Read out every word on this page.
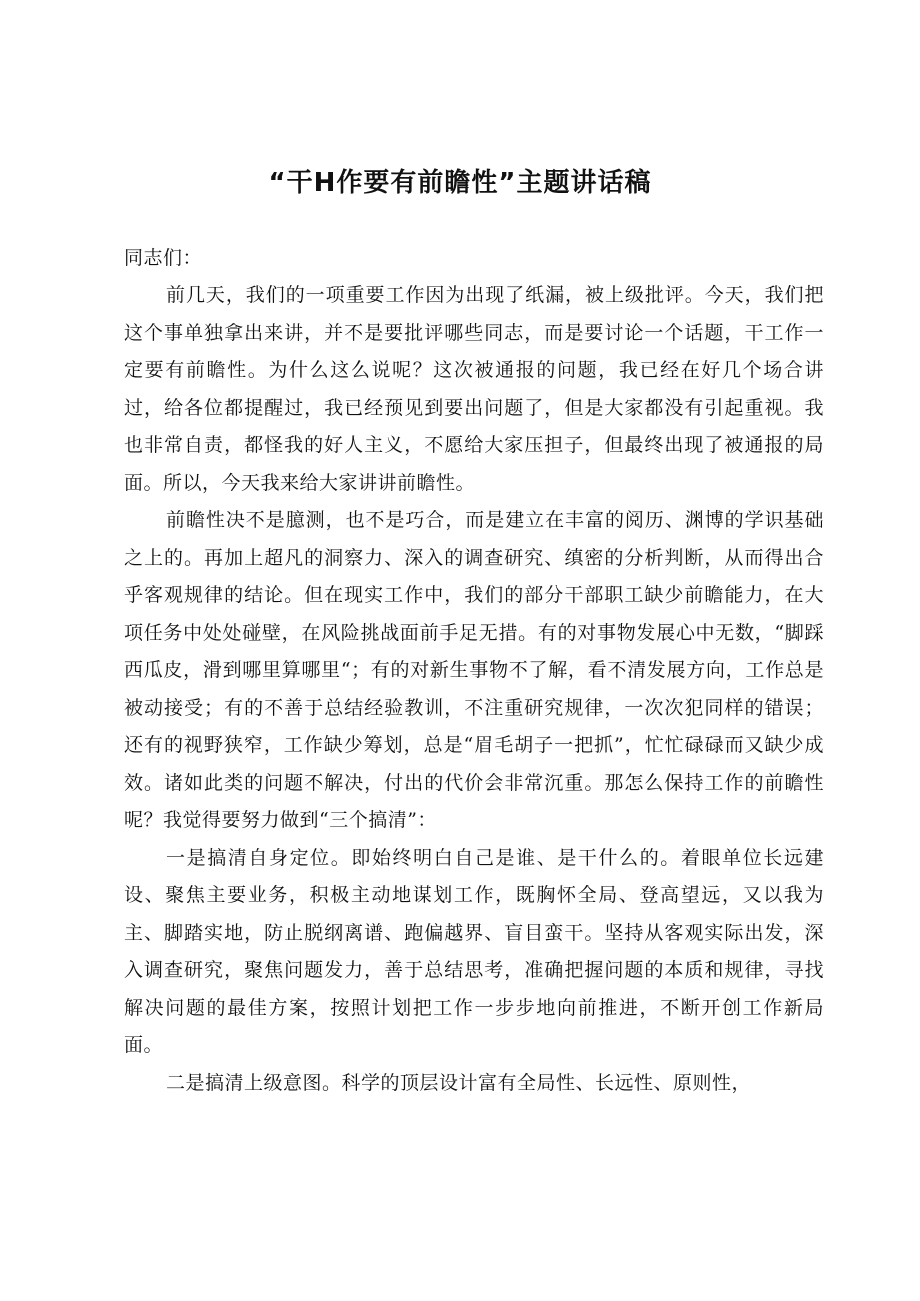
“干H作要有前瞻性”主题讲话稿

同志们：

前几天，我们的一项重要工作因为出现了纸漏，被上级批评。今天，我们把这个事单独拿出来讲，并不是要批评哪些同志，而是要讨论一个话题，干工作一定要有前瞻性。为什么这么说呢？这次被通报的问题，我已经在好几个场合讲过，给各位都提醒过，我已经预见到要出问题了，但是大家都没有引起重视。我也非常自责，都怪我的好人主义，不愿给大家压担子，但最终出现了被通报的局面。所以，今天我来给大家讲讲前瞻性。

前瞻性决不是臆测，也不是巧合，而是建立在丰富的阅历、渊博的学识基础之上的。再加上超凡的洞察力、深入的调查研究、缜密的分析判断，从而得出合乎客观规律的结论。但在现实工作中，我们的部分干部职工缺少前瞻能力，在大项任务中处处碰壁，在风险挑战面前手足无措。有的对事物发展心中无数，“脚踩西瓜皮，滑到哪里算哪里“；有的对新生事物不了解，看不清发展方向，工作总是被动接受；有的不善于总结经验教训，不注重研究规律，一次次犯同样的错误；还有的视野狭窄，工作缺少筹划，总是“眉毛胡子一把抓”，忙忙碌碌而又缺少成效。诸如此类的问题不解决，付出的代价会非常沉重。那怎么保持工作的前瞻性呢？我觉得要努力做到“三个搞清”：

一是搞清自身定位。即始终明白自己是谁、是干什么的。着眼单位长远建设、聚焦主要业务，积极主动地谋划工作，既胸怀全局、登高望远，又以我为主、脚踏实地，防止脱纲离谱、跑偏越界、盲目蛮干。坚持从客观实际出发，深入调查研究，聚焦问题发力，善于总结思考，准确把握问题的本质和规律，寻找解决问题的最佳方案，按照计划把工作一步步地向前推进，不断开创工作新局面。

二是搞清上级意图。科学的顶层设计富有全局性、长远性、原则性，
